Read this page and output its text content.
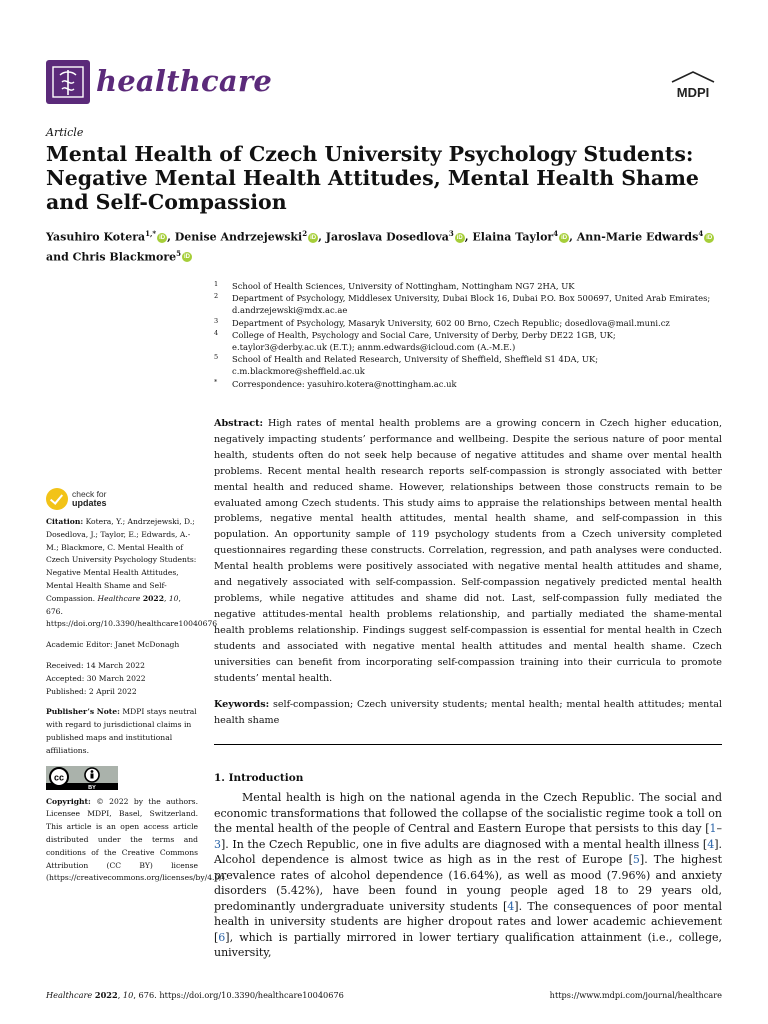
healthcare	MDPI
Article
Mental Health of Czech University Psychology Students: Negative Mental Health Attitudes, Mental Health Shame and Self-Compassion
Yasuhiro Kotera$^{1,*}$ iD , Denise Andrzejewski$^2$ iD , Jaroslava Dosedlova$^3$ iD , Elaina Taylor$^4$ iD , Ann-Marie Edwards$^4$ iD
and Chris Blackmore$^5$ iD
1 School of Health Sciences, University of Nottingham, Nottingham NG7 2HA, UK
2 Department of Psychology, Middlesex University, Dubai Block 16, Dubai P.O. Box 500697, United Arab Emirates;
d.andrzejewski@mdx.ac.ae
3 Department of Psychology, Masaryk University, 602 00 Brno, Czech Republic; dosedlova@mail.muni.cz
4 College of Health, Psychology and Social Care, University of Derby, Derby DE22 1GB, UK;
e.taylor3@derby.ac.uk (E.T.); annm.edwards@icloud.com (A.-M.E.)
5 School of Health and Related Research, University of Sheffield, Sheffield S1 4DA, UK;
c.m.blackmore@sheffield.ac.uk
* Correspondence: yasuhiro.kotera@nottingham.ac.uk
Abstract: High rates of mental health problems are a growing concern in Czech higher education, negatively impacting students’ performance and wellbeing. Despite the serious nature of poor mental health, students often do not seek help because of negative attitudes and shame over mental health problems. Recent mental health research reports self-compassion is strongly associated with better mental health and reduced shame. However, relationships between those constructs remain to be evaluated among Czech students. This study aims to appraise the relationships between mental health problems, negative mental health attitudes, mental health shame, and self-compassion in this population. An opportunity sample of 119 psychology students from a Czech university completed questionnaires regarding these constructs. Correlation, regression, and path analyses were conducted. Mental health problems were positively associated with negative mental health attitudes and shame, and negatively associated with self-compassion. Self-compassion negatively predicted mental health problems, while negative attitudes and shame did not. Last, self-compassion fully mediated the negative attitudes-mental health problems relationship, and partially mediated the shame-mental health problems relationship. Findings suggest self-compassion is essential for mental health in Czech students and associated with negative mental health attitudes and mental health shame. Czech universities can benefit from incorporating self-compassion training into their curricula to promote students’ mental health.
Keywords: self-compassion; Czech university students; mental health; mental health attitudes; mental health shame
1. Introduction
Mental health is high on the national agenda in the Czech Republic. The social and economic transformations that followed the collapse of the socialistic regime took a toll on the mental health of the people of Central and Eastern Europe that persists to this day [1–3]. In the Czech Republic, one in five adults are diagnosed with a mental health illness [4]. Alcohol dependence is almost twice as high as in the rest of Europe [5]. The highest prevalence rates of alcohol dependence (16.64%), as well as mood (7.96%) and anxiety disorders (5.42%), have been found in young people aged 18 to 29 years old, predominantly undergraduate university students [4]. The consequences of poor mental health in university students are higher dropout rates and lower academic achievement [6], which is partially mirrored in lower tertiary qualification attainment (i.e., college, university,
check for
updates
Citation: Kotera, Y.; Andrzejewski, D.; Dosedlova, J.; Taylor, E.; Edwards, A.-M.; Blackmore, C. Mental Health of Czech University Psychology Students: Negative Mental Health Attitudes, Mental Health Shame and Self-Compassion. Healthcare 2022, 10, 676. https://doi.org/10.3390/healthcare10040676
Academic Editor: Janet McDonagh
Received: 14 March 2022
Accepted: 30 March 2022
Published: 2 April 2022
Publisher’s Note: MDPI stays neutral with regard to jurisdictional claims in published maps and institutional affiliations.
cc
BY
Copyright: © 2022 by the authors. Licensee MDPI, Basel, Switzerland. This article is an open access article distributed under the terms and conditions of the Creative Commons Attribution (CC BY) license (https://creativecommons.org/licenses/by/4.0/).
Healthcare 2022, 10, 676. https://doi.org/10.3390/healthcare10040676	https://www.mdpi.com/journal/healthcare
